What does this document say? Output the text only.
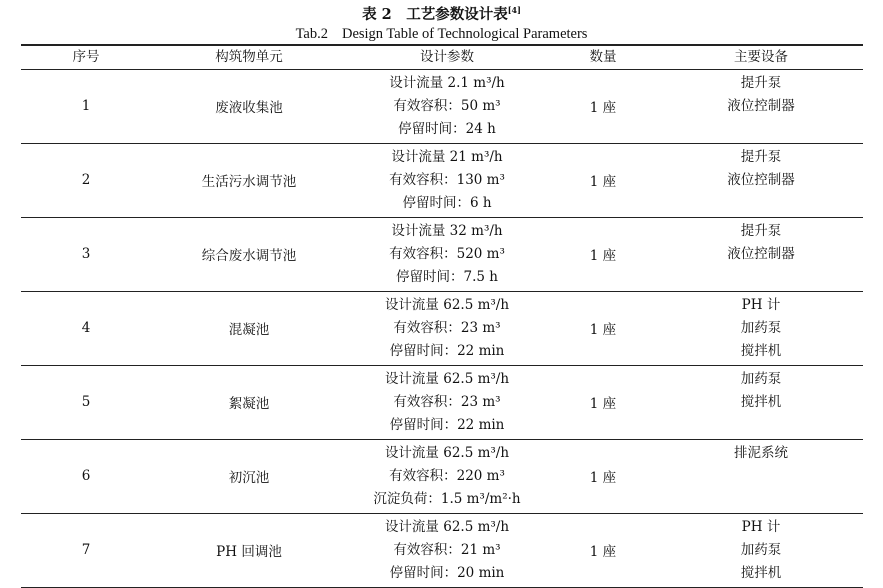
表 2　工艺参数设计表[4]
Tab.2 Design Table of Technological Parameters
序号	构筑物单元	设计参数	数量	主要设备
1	废液收集池	设计流量 2.1 m³/h
有效容积：50 m³
停留时间：24 h	1 座	提升泵
液位控制器

2	生活污水调节池	设计流量 21 m³/h
有效容积：130 m³
停留时间：6 h	1 座	提升泵
液位控制器

3	综合废水调节池	设计流量 32 m³/h
有效容积：520 m³
停留时间：7.5 h	1 座	提升泵
液位控制器

4	混凝池	设计流量 62.5 m³/h
有效容积：23 m³
停留时间：22 min	1 座	PH 计
加药泵
搅拌机

5	絮凝池	设计流量 62.5 m³/h
有效容积：23 m³
停留时间：22 min	1 座	加药泵
搅拌机

6	初沉池	设计流量 62.5 m³/h
有效容积：220 m³
沉淀负荷：1.5 m³/m²·h	1 座	排泥系统

7	PH 回调池	设计流量 62.5 m³/h
有效容积：21 m³
停留时间：20 min	1 座	PH 计
加药泵
搅拌机
